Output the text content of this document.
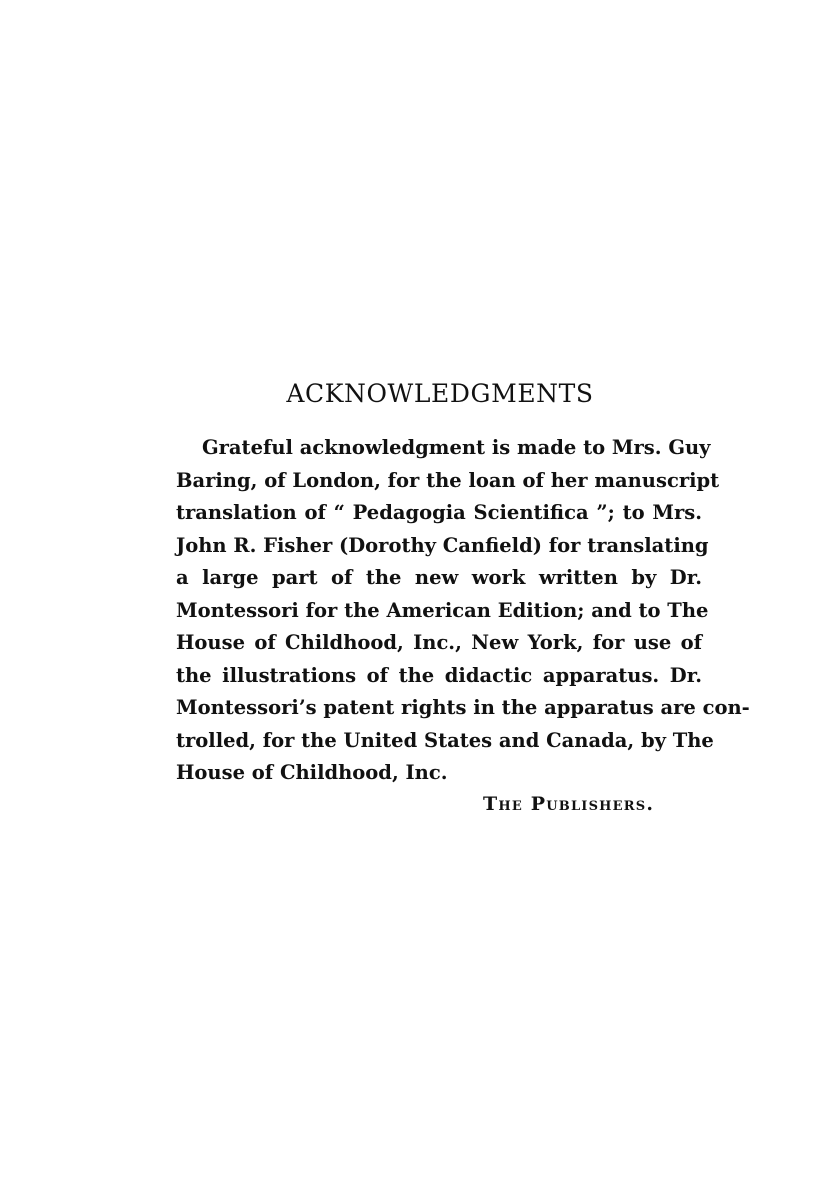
ACKNOWLEDGMENTS
Grateful acknowledgment is made to Mrs. Guy
Baring, of London, for the loan of her manuscript
translation of “ Pedagogia Scientifica ”; to Mrs.
John R. Fisher (Dorothy Canfield) for translating
a large part of the new work written by Dr.
Montessori for the American Edition; and to The
House of Childhood, Inc., New York, for use of
the illustrations of the didactic apparatus. Dr.
Montessori’s patent rights in the apparatus are con-
trolled, for the United States and Canada, by The
House of Childhood, Inc.
The Publishers.
